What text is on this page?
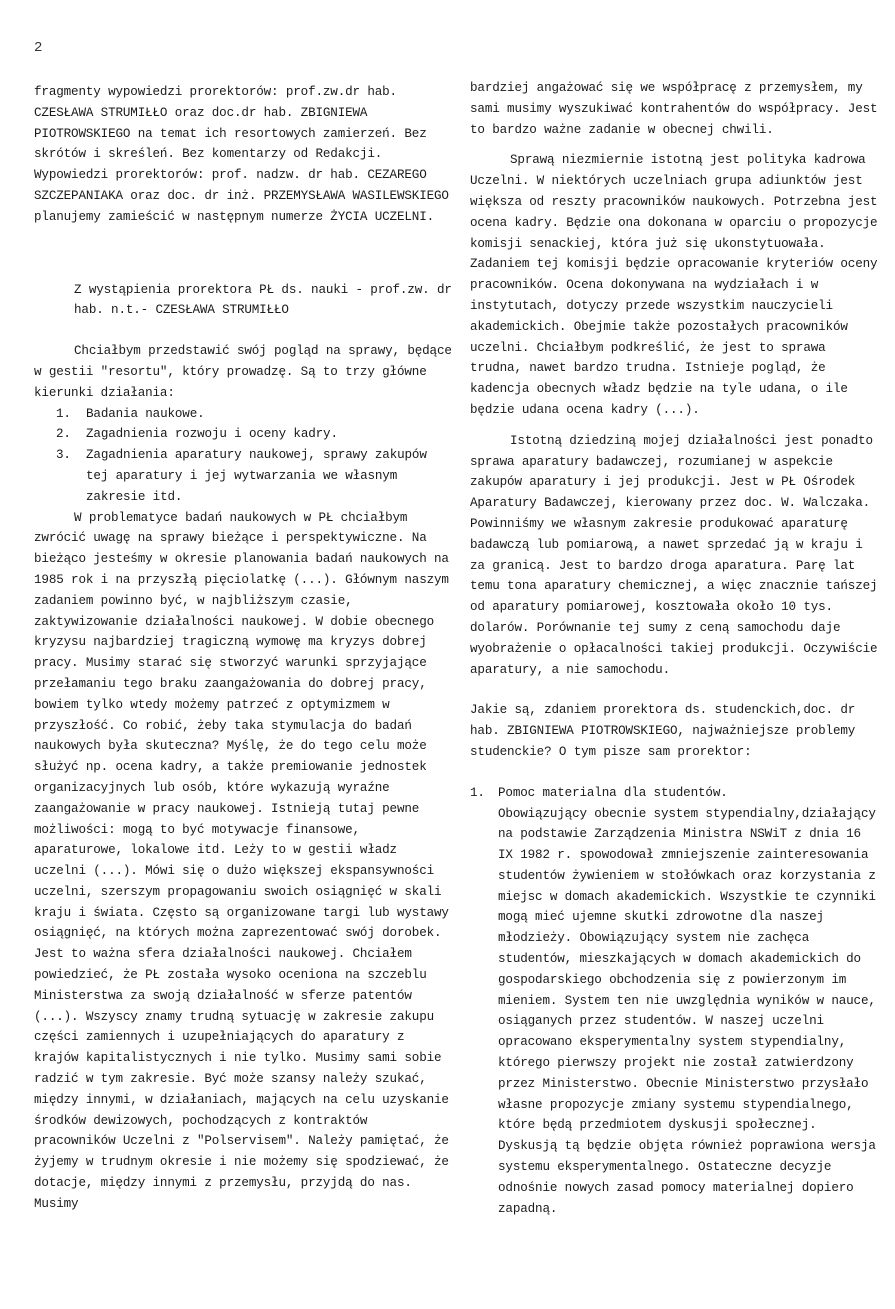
2

fragmenty wypowiedzi prorektorów: prof.zw.dr hab. CZESŁAWA STRUMIŁŁO oraz doc.dr hab. ZBIGNIEWA PIOTROWSKIEGO na temat ich resortowych zamierzeń. Bez skrótów i skreśleń. Bez komentarzy od Redakcji. Wypowiedzi prorektorów: prof. nadzw. dr hab. CEZAREGO SZCZEPANIAKA oraz doc. dr inż. PRZEMYSŁAWA WASILEWSKIEGO planujemy zamieścić w następnym numerze ŻYCIA UCZELNI.

Z wystąpienia prorektora PŁ ds. nauki - prof.zw. dr hab. n.t.- CZESŁAWA STRUMIŁŁO

Chciałbym przedstawić swój pogląd na sprawy, będące w gestii "resortu", który prowadzę. Są to trzy główne kierunki działania:

1. Badania naukowe.
2. Zagadnienia rozwoju i oceny kadry.
3. Zagadnienia aparatury naukowej, sprawy zakupów tej aparatury i jej wytwarzania we własnym zakresie itd.

W problematyce badań naukowych w PŁ chciałbym zwrócić uwagę na sprawy bieżące i perspektywiczne. Na bieżąco jesteśmy w okresie planowania badań naukowych na 1985 rok i na przyszłą pięciolatkę (...). Głównym naszym zadaniem powinno być, w najbliższym czasie, zaktywizowanie działalności naukowej. W dobie obecnego kryzysu najbardziej tragiczną wymowę ma kryzys dobrej pracy. Musimy starać się stworzyć warunki sprzyjające przełamaniu tego braku zaangażowania do dobrej pracy, bowiem tylko wtedy możemy patrzeć z optymizmem w przyszłość. Co robić, żeby taka stymulacja do badań naukowych była skuteczna? Myślę, że do tego celu może służyć np. ocena kadry, a także premiowanie jednostek organizacyjnych lub osób, które wykazują wyraźne zaangażowanie w pracy naukowej. Istnieją tutaj pewne możliwości: mogą to być motywacje finansowe, aparaturowe, lokalowe itd. Leży to w gestii władz uczelni (...). Mówi się o dużo większej ekspansywności uczelni, szerszym propagowaniu swoich osiągnięć w skali kraju i świata. Często są organizowane targi lub wystawy osiągnięć, na których można zaprezentować swój dorobek. Jest to ważna sfera działalności naukowej. Chciałem powiedzieć, że PŁ została wysoko oceniona na szczeblu Ministerstwa za swoją działalność w sferze patentów (...). Wszyscy znamy trudną sytuację w zakresie zakupu części zamiennych i uzupełniających do aparatury z krajów kapitalistycznych i nie tylko. Musimy sami sobie radzić w tym zakresie. Być może szansy należy szukać, między innymi, w działaniach, mających na celu uzyskanie środków dewizowych, pochodzących z kontraktów pracowników Uczelni z "Polservisem". Należy pamiętać, że żyjemy w trudnym okresie i nie możemy się spodziewać, że dotacje, między innymi z przemysłu, przyjdą do nas. Musimy

bardziej angażować się we współpracę z przemysłem, my sami musimy wyszukiwać kontrahentów do współpracy. Jest to bardzo ważne zadanie w obecnej chwili.

Sprawą niezmiernie istotną jest polityka kadrowa Uczelni. W niektórych uczelniach grupa adiunktów jest większa od reszty pracowników naukowych. Potrzebna jest ocena kadry. Będzie ona dokonana w oparciu o propozycje komisji senackiej, która już się ukonstytuowała. Zadaniem tej komisji będzie opracowanie kryteriów oceny pracowników. Ocena dokonywana na wydziałach i w instytutach, dotyczy przede wszystkim nauczycieli akademickich. Obejmie także pozostałych pracowników uczelni. Chciałbym podkreślić, że jest to sprawa trudna, nawet bardzo trudna. Istnieje pogląd, że kadencja obecnych władz będzie na tyle udana, o ile będzie udana ocena kadry (...).

Istotną dziedziną mojej działalności jest ponadto sprawa aparatury badawczej, rozumianej w aspekcie zakupów aparatury i jej produkcji. Jest w PŁ Ośrodek Aparatury Badawczej, kierowany przez doc. W. Walczaka. Powinniśmy we własnym zakresie produkować aparaturę badawczą lub pomiarową, a nawet sprzedać ją w kraju i za granicą. Jest to bardzo droga aparatura. Parę lat temu tona aparatury chemicznej, a więc znacznie tańszej od aparatury pomiarowej, kosztowała około 10 tys. dolarów. Porównanie tej sumy z ceną samochodu daje wyobrażenie o opłacalności takiej produkcji. Oczywiście aparatury, a nie samochodu.

Jakie są, zdaniem prorektora ds. studenckich,doc. dr hab. ZBIGNIEWA PIOTROWSKIEGO, najważniejsze problemy studenckie? O tym pisze sam prorektor:

1. Pomoc materialna dla studentów.
Obowiązujący obecnie system stypendialny,działający na podstawie Zarządzenia Ministra NSWiT z dnia 16 IX 1982 r. spowodował zmniejszenie zainteresowania studentów żywieniem w stołówkach oraz korzystania z miejsc w domach akademickich. Wszystkie te czynniki mogą mieć ujemne skutki zdrowotne dla naszej młodzieży. Obowiązujący system nie zachęca studentów, mieszkających w domach akademickich do gospodarskiego obchodzenia się z powierzonym im mieniem. System ten nie uwzględnia wyników w nauce, osiąganych przez studentów. W naszej uczelni opracowano eksperymentalny system stypendialny, którego pierwszy projekt nie został zatwierdzony przez Ministerstwo. Obecnie Ministerstwo przysłało własne propozycje zmiany systemu stypendialnego, które będą przedmiotem dyskusji społecznej. Dyskusją tą będzie objęta również poprawiona wersja systemu eksperymentalnego. Ostateczne decyzje odnośnie nowych zasad pomocy materialnej dopiero zapadną.
